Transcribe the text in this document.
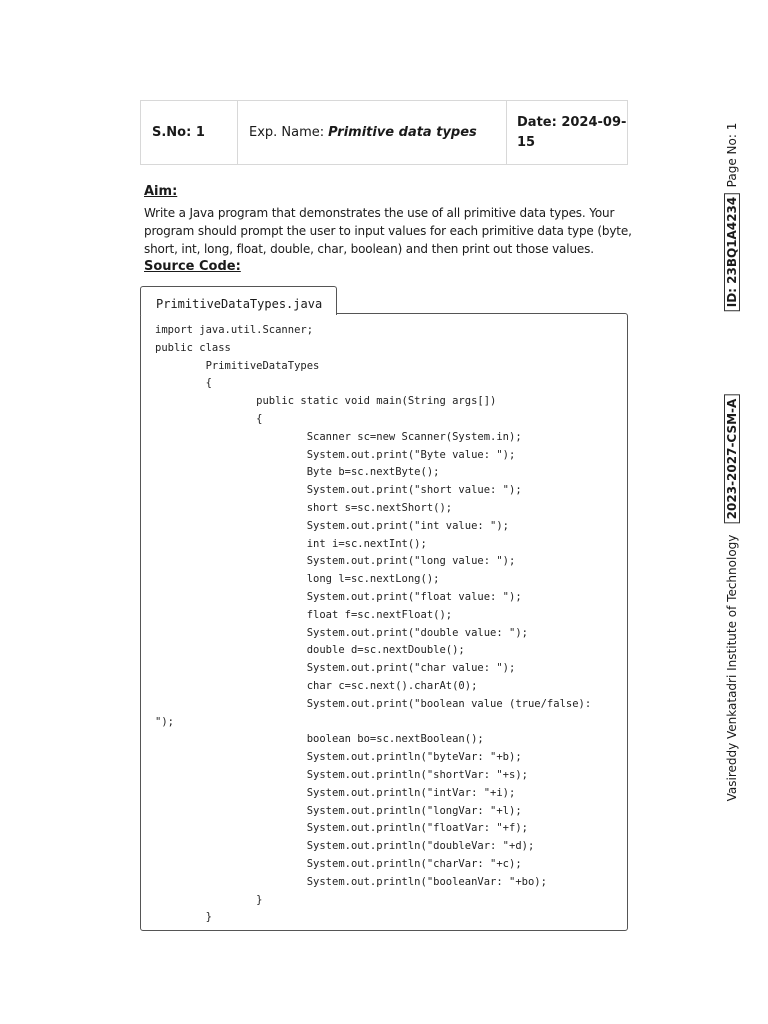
S.No: 1	Exp. Name: Primitive data types
Date: 2024-09-
15
Aim:
Write a Java program that demonstrates the use of all primitive data types. Your program should prompt the user to input values for each primitive data type (byte, short, int, long, float, double, char, boolean) and then print out those values.
Source Code:
PrimitiveDataTypes.java
import java.util.Scanner;
public class
PrimitiveDataTypes
{
public static void main(String args[])
{
Scanner sc=new Scanner(System.in);
System.out.print("Byte value: ");
Byte b=sc.nextByte();
System.out.print("short value: ");
short s=sc.nextShort();
System.out.print("int value: ");
int i=sc.nextInt();
System.out.print("long value: ");
long l=sc.nextLong();
System.out.print("float value: ");
float f=sc.nextFloat();
System.out.print("double value: ");
double d=sc.nextDouble();
System.out.print("char value: ");
char c=sc.next().charAt(0);
System.out.print("boolean value (true/false):
");
boolean bo=sc.nextBoolean();
System.out.println("byteVar: "+b);
System.out.println("shortVar: "+s);
System.out.println("intVar: "+i);
System.out.println("longVar: "+l);
System.out.println("floatVar: "+f);
System.out.println("doubleVar: "+d);
System.out.println("charVar: "+c);
System.out.println("booleanVar: "+bo);
}
}
Page No: 1
ID: 23BQ1A4234
2023-2027-CSM-A
Vasireddy Venkatadri Institute of Technology
